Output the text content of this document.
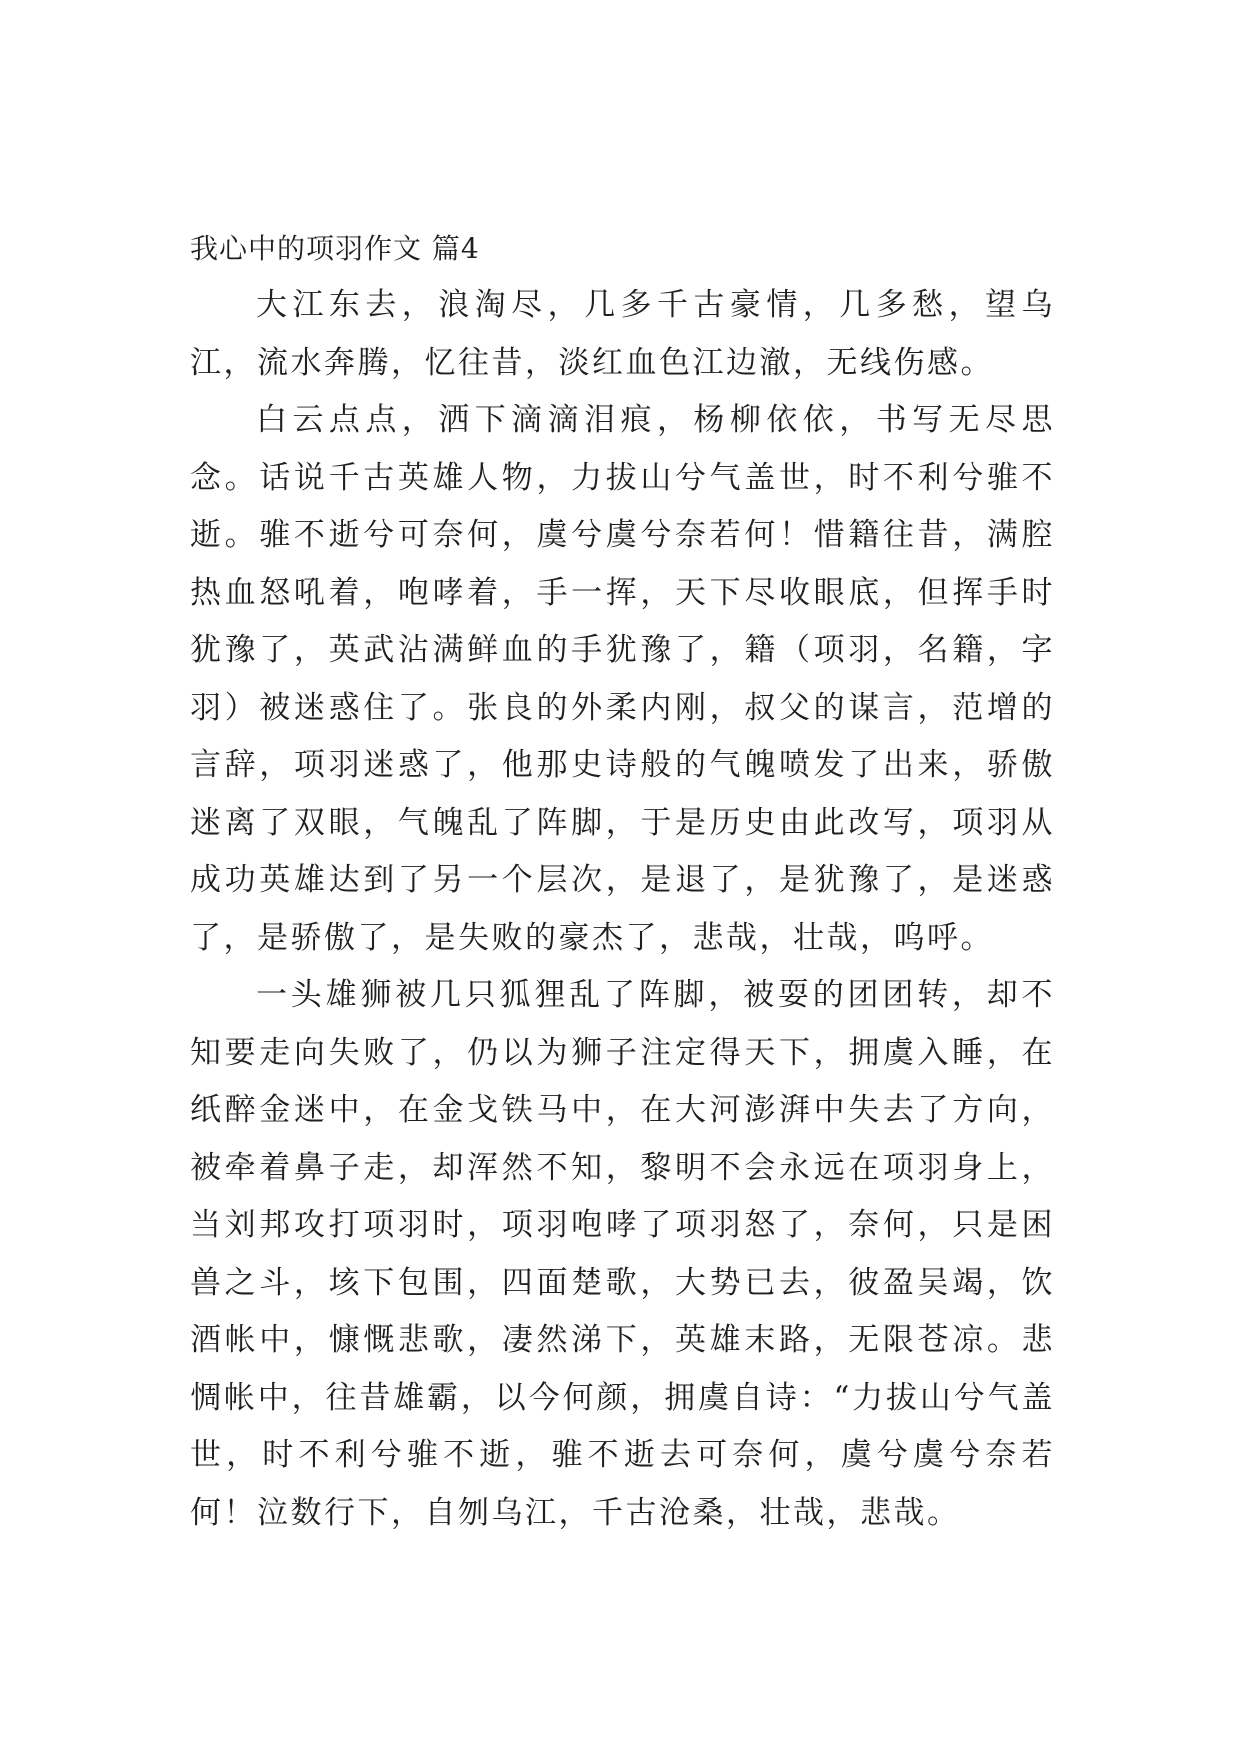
我心中的项羽作文 篇4

大江东去，浪淘尽，几多千古豪情，几多愁，望乌江，流水奔腾，忆往昔，淡红血色江边澈，无线伤感。

白云点点，洒下滴滴泪痕，杨柳依依，书写无尽思念。话说千古英雄人物，力拔山兮气盖世，时不利兮骓不逝。骓不逝兮可奈何，虞兮虞兮奈若何！惜籍往昔，满腔热血怒吼着，咆哮着，手一挥，天下尽收眼底，但挥手时犹豫了，英武沾满鲜血的手犹豫了，籍（项羽，名籍，字羽）被迷惑住了。张良的外柔内刚，叔父的谋言，范增的言辞，项羽迷惑了，他那史诗般的气魄喷发了出来，骄傲迷离了双眼，气魄乱了阵脚，于是历史由此改写，项羽从成功英雄达到了另一个层次，是退了，是犹豫了，是迷惑了，是骄傲了，是失败的豪杰了，悲哉，壮哉，呜呼。

一头雄狮被几只狐狸乱了阵脚，被耍的团团转，却不知要走向失败了，仍以为狮子注定得天下，拥虞入睡，在纸醉金迷中，在金戈铁马中，在大河澎湃中失去了方向，被牵着鼻子走，却浑然不知，黎明不会永远在项羽身上，当刘邦攻打项羽时，项羽咆哮了项羽怒了，奈何，只是困兽之斗，垓下包围，四面楚歌，大势已去，彼盈吴竭，饮酒帐中，慷慨悲歌，凄然涕下，英雄末路，无限苍凉。悲惆帐中，往昔雄霸，以今何颜，拥虞自诗：“力拔山兮气盖世，时不利兮骓不逝，骓不逝去可奈何，虞兮虞兮奈若何！泣数行下，自刎乌江，千古沧桑，壮哉，悲哉。
